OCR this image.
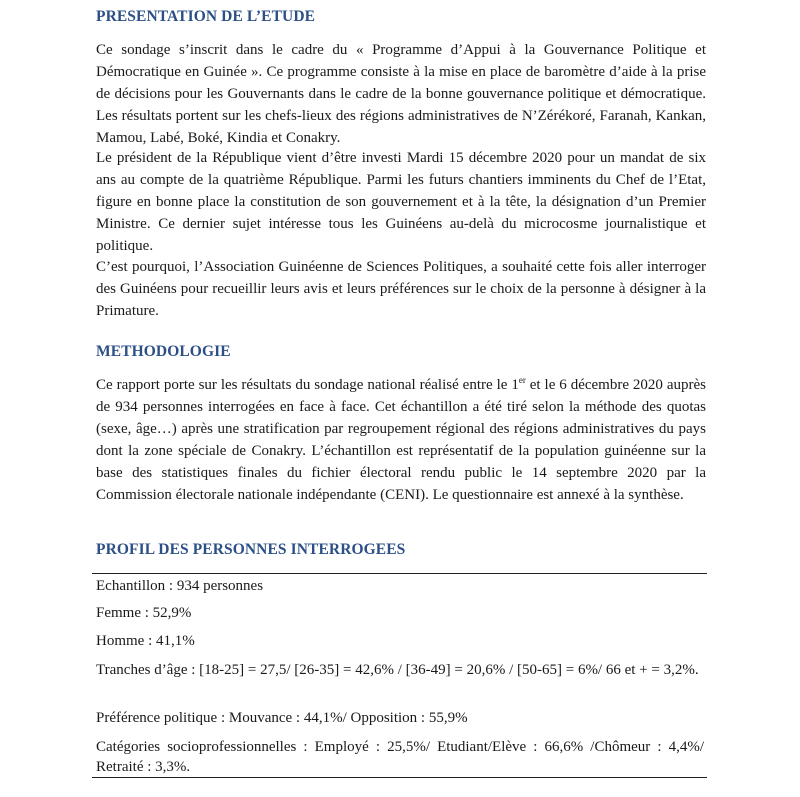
PRESENTATION DE L’ETUDE

Ce sondage s’inscrit dans le cadre du « Programme d’Appui à la Gouvernance Politique et Démocratique en Guinée ». Ce programme consiste à la mise en place de baromètre d’aide à la prise de décisions pour les Gouvernants dans le cadre de la bonne gouvernance politique et démocratique. Les résultats portent sur les chefs-lieux des régions administratives de N’Zérékoré, Faranah, Kankan, Mamou, Labé, Boké, Kindia et Conakry.

Le président de la République vient d’être investi Mardi 15 décembre 2020 pour un mandat de six ans au compte de la quatrième République. Parmi les futurs chantiers imminents du Chef de l’Etat, figure en bonne place la constitution de son gouvernement et à la tête, la désignation d’un Premier Ministre. Ce dernier sujet intéresse tous les Guinéens au-delà du microcosme journalistique et politique.

C’est pourquoi, l’Association Guinéenne de Sciences Politiques, a souhaité cette fois aller interroger des Guinéens pour recueillir leurs avis et leurs préférences sur le choix de la personne à désigner à la Primature.

METHODOLOGIE

Ce rapport porte sur les résultats du sondage national réalisé entre le 1er et le 6 décembre 2020 auprès de 934 personnes interrogées en face à face. Cet échantillon a été tiré selon la méthode des quotas (sexe, âge…) après une stratification par regroupement régional des régions administratives du pays dont la zone spéciale de Conakry. L’échantillon est représentatif de la population guinéenne sur la base des statistiques finales du fichier électoral rendu public le 14 septembre 2020 par la Commission électorale nationale indépendante (CENI). Le questionnaire est annexé à la synthèse.

PROFIL DES PERSONNES INTERROGEES
Echantillon : 934 personnes
Femme : 52,9%
Homme : 41,1%
Tranches d’âge : [18-25] = 27,5/ [26-35] = 42,6% / [36-49] = 20,6% / [50-65] = 6%/ 66 et + = 3,2%.
Préférence politique : Mouvance : 44,1%/ Opposition : 55,9%
Catégories socioprofessionnelles : Employé : 25,5%/ Etudiant/Elève : 66,6% /Chômeur : 4,4%/ Retraité : 3,3%.
